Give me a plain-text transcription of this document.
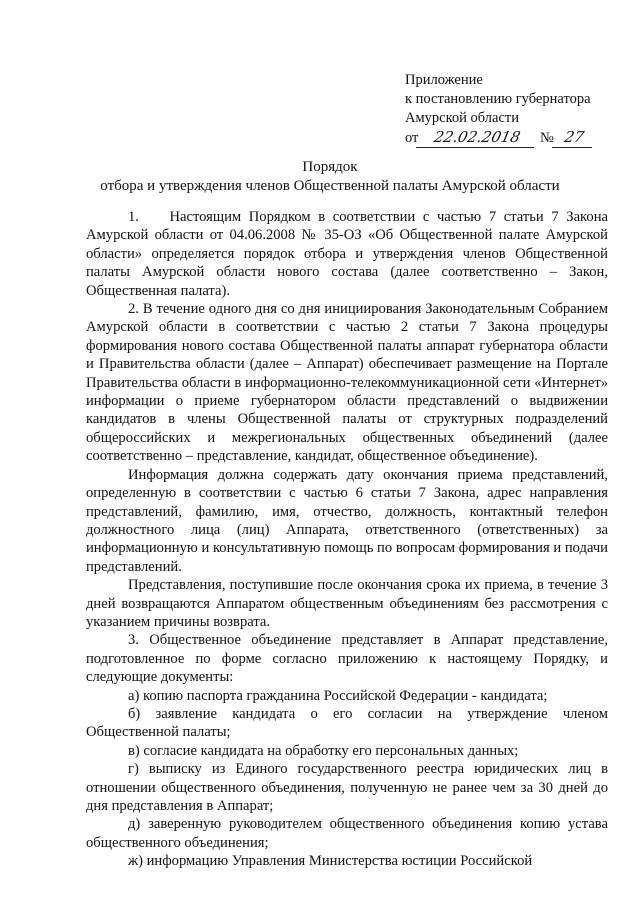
Приложение
к постановлению губернатора
Амурской области
от 22.02.2018 № 27
Порядок
отбора и утверждения членов Общественной палаты Амурской области

1.    Настоящим Порядком в соответствии с частью 7 статьи 7 Закона Амурской области от 04.06.2008 № 35-ОЗ «Об Общественной палате Амурской области» определяется порядок отбора и утверждения членов Общественной палаты Амурской области нового состава (далее соответственно – Закон, Общественная палата).

2. В течение одного дня со дня инициирования Законодательным Собранием Амурской области в соответствии с частью 2 статьи 7 Закона процедуры формирования нового состава Общественной палаты аппарат губернатора области и Правительства области (далее – Аппарат) обеспечивает размещение на Портале Правительства области в информационно-телекоммуникационной сети «Интернет» информации о приеме губернатором области представлений о выдвижении кандидатов в члены Общественной палаты от структурных подразделений общероссийских и межрегиональных общественных объединений (далее соответственно – представление, кандидат, общественное объединение).

Информация должна содержать дату окончания приема представлений, определенную в соответствии с частью 6 статьи 7 Закона, адрес направления представлений, фамилию, имя, отчество, должность, контактный телефон должностного лица (лиц) Аппарата, ответственного (ответственных) за информационную и консультативную помощь по вопросам формирования и подачи представлений.

Представления, поступившие после окончания срока их приема, в течение 3 дней возвращаются Аппаратом общественным объединениям без рассмотрения с указанием причины возврата.

3. Общественное объединение представляет в Аппарат представление, подготовленное по форме согласно приложению к настоящему Порядку, и следующие документы:

а) копию паспорта гражданина Российской Федерации - кандидата;

б) заявление кандидата о его согласии на утверждение членом Общественной палаты;

в) согласие кандидата на обработку его персональных данных;

г) выписку из Единого государственного реестра юридических лиц в отношении общественного объединения, полученную не ранее чем за 30 дней до дня представления в Аппарат;

д) заверенную руководителем общественного объединения копию устава общественного объединения;

ж) информацию Управления Министерства юстиции Российской
